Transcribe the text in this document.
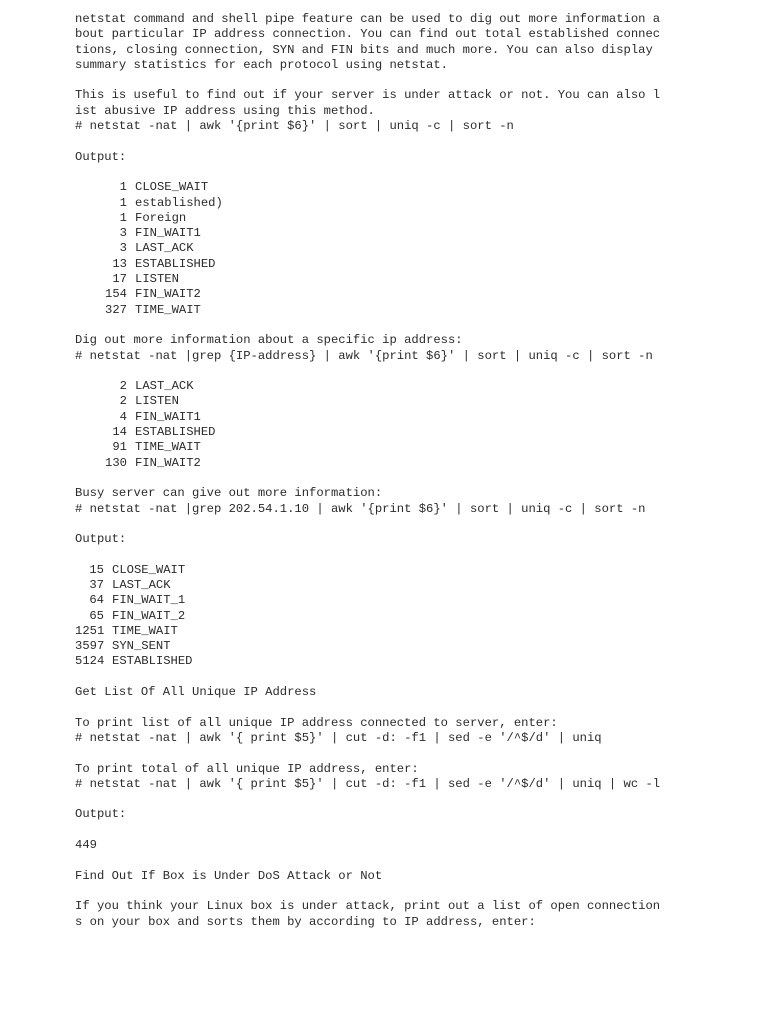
netstat command and shell pipe feature can be used to dig out more information a
bout particular IP address connection. You can find out total established connec
tions, closing connection, SYN and FIN bits and much more. You can also display
summary statistics for each protocol using netstat.
This is useful to find out if your server is under attack or not. You can also l
ist abusive IP address using this method.
# netstat -nat | awk '{print $6}' | sort | uniq -c | sort -n
Output:
1 CLOSE_WAIT
1 established)
1 Foreign
3 FIN_WAIT1
3 LAST_ACK
13 ESTABLISHED
17 LISTEN
154 FIN_WAIT2
327 TIME_WAIT
Dig out more information about a specific ip address:
# netstat -nat |grep {IP-address} | awk '{print $6}' | sort | uniq -c | sort -n
2 LAST_ACK
2 LISTEN
4 FIN_WAIT1
14 ESTABLISHED
91 TIME_WAIT
130 FIN_WAIT2
Busy server can give out more information:
# netstat -nat |grep 202.54.1.10 | awk '{print $6}' | sort | uniq -c | sort -n
Output:
15 CLOSE_WAIT
37 LAST_ACK
64 FIN_WAIT_1
65 FIN_WAIT_2
1251 TIME_WAIT
3597 SYN_SENT
5124 ESTABLISHED
Get List Of All Unique IP Address
To print list of all unique IP address connected to server, enter:
# netstat -nat | awk '{ print $5}' | cut -d: -f1 | sed -e '/^$/d' | uniq
To print total of all unique IP address, enter:
# netstat -nat | awk '{ print $5}' | cut -d: -f1 | sed -e '/^$/d' | uniq | wc -l
Output:
449
Find Out If Box is Under DoS Attack or Not
If you think your Linux box is under attack, print out a list of open connection
s on your box and sorts them by according to IP address, enter:
